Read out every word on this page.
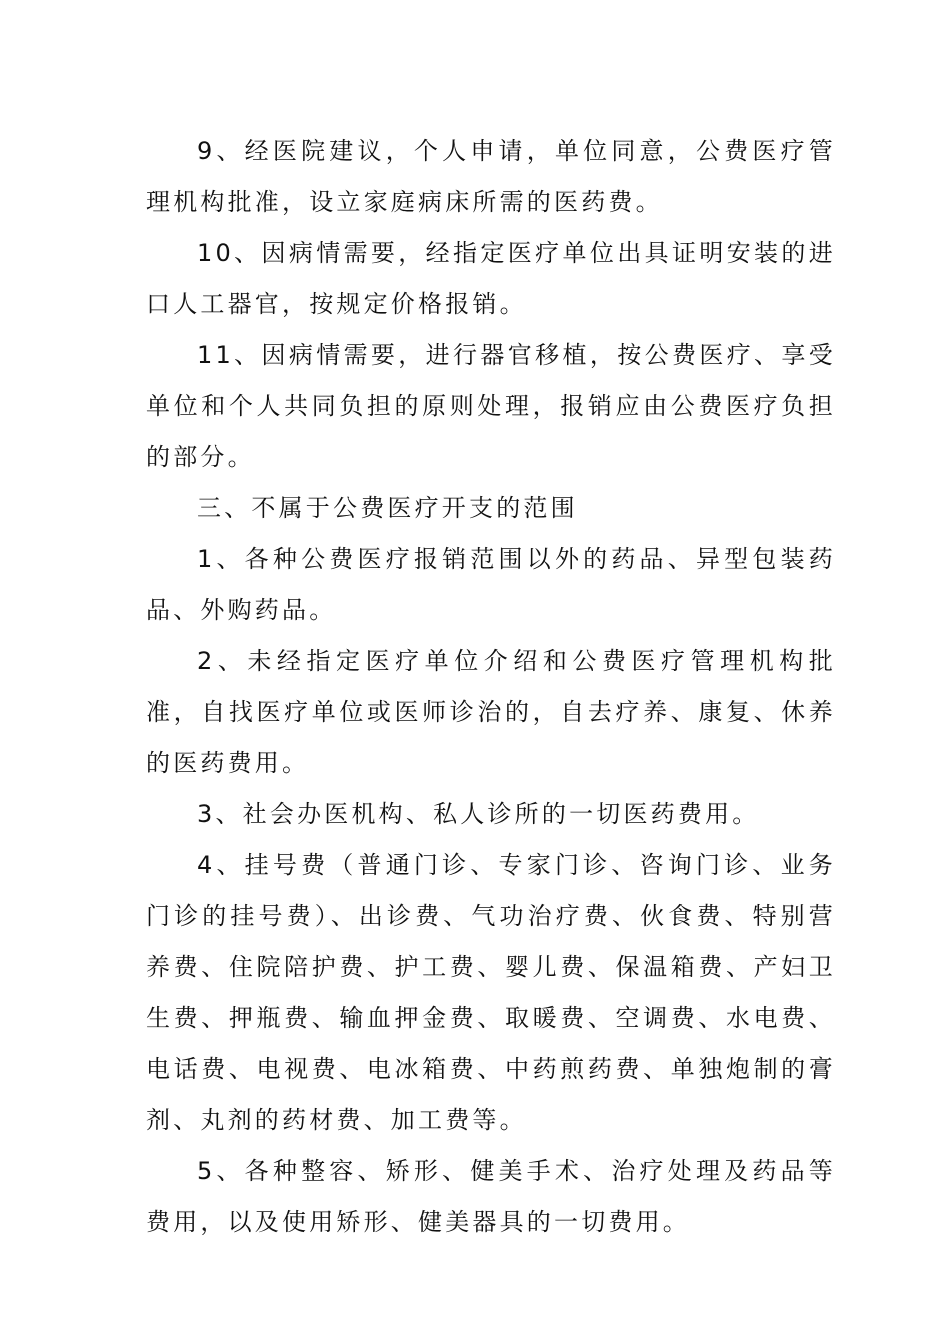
9、经医院建议，个人申请，单位同意，公费医疗管理机构批准，设立家庭病床所需的医药费。

10、因病情需要，经指定医疗单位出具证明安装的进口人工器官，按规定价格报销。

11、因病情需要，进行器官移植，按公费医疗、享受单位和个人共同负担的原则处理，报销应由公费医疗负担的部分。

三、不属于公费医疗开支的范围

1、各种公费医疗报销范围以外的药品、异型包装药品、外购药品。

2、未经指定医疗单位介绍和公费医疗管理机构批准，自找医疗单位或医师诊治的，自去疗养、康复、休养的医药费用。

3、社会办医机构、私人诊所的一切医药费用。

4、挂号费（普通门诊、专家门诊、咨询门诊、业务门诊的挂号费）、出诊费、气功治疗费、伙食费、特别营养费、住院陪护费、护工费、婴儿费、保温箱费、产妇卫生费、押瓶费、输血押金费、取暖费、空调费、水电费、电话费、电视费、电冰箱费、中药煎药费、单独炮制的膏剂、丸剂的药材费、加工费等。

5、各种整容、矫形、健美手术、治疗处理及药品等费用，以及使用矫形、健美器具的一切费用。
